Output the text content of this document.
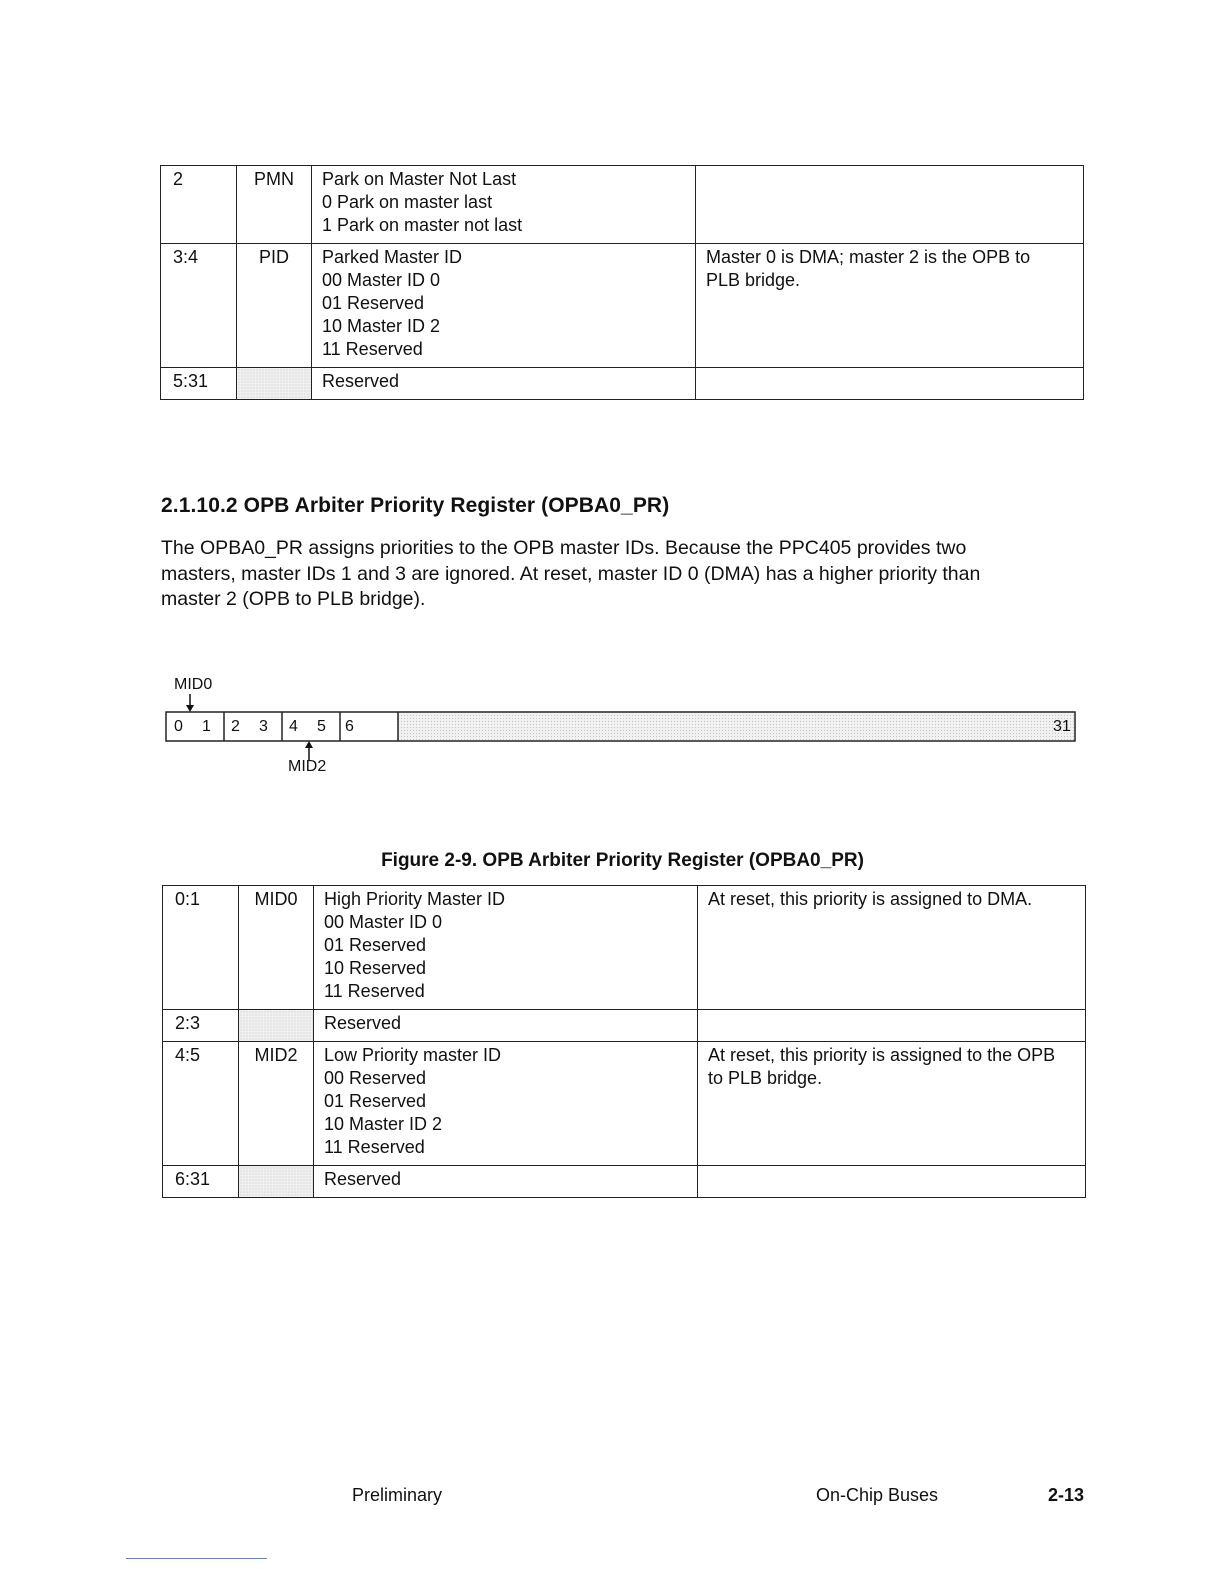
2	PMN	Park on Master Not Last
0 Park on master last
1 Park on master not last	

3:4	PID	Parked Master ID
00 Master ID 0
01 Reserved
10 Master ID 2
11 Reserved	Master 0 is DMA; master 2 is the OPB to
PLB bridge.

5:31		Reserved	

2.1.10.2 OPB Arbiter Priority Register (OPBA0_PR)

The OPBA0_PR assigns priorities to the OPB master IDs. Because the PPC405 provides two
masters, master IDs 1 and 3 are ignored. At reset, master ID 0 (DMA) has a higher priority than
master 2 (OPB to PLB bridge).

MID0
0 1 2 3 4 5 6	31
MID2
Figure 2-9. OPB Arbiter Priority Register (OPBA0_PR)
0:1	MID0	High Priority Master ID
00 Master ID 0
01 Reserved
10 Reserved
11 Reserved	At reset, this priority is assigned to DMA.

2:3		Reserved	

4:5	MID2	Low Priority master ID
00 Reserved
01 Reserved
10 Master ID 2
11 Reserved	At reset, this priority is assigned to the OPB
to PLB bridge.

6:31		Reserved	

Preliminary	On-Chip Buses	2-13
